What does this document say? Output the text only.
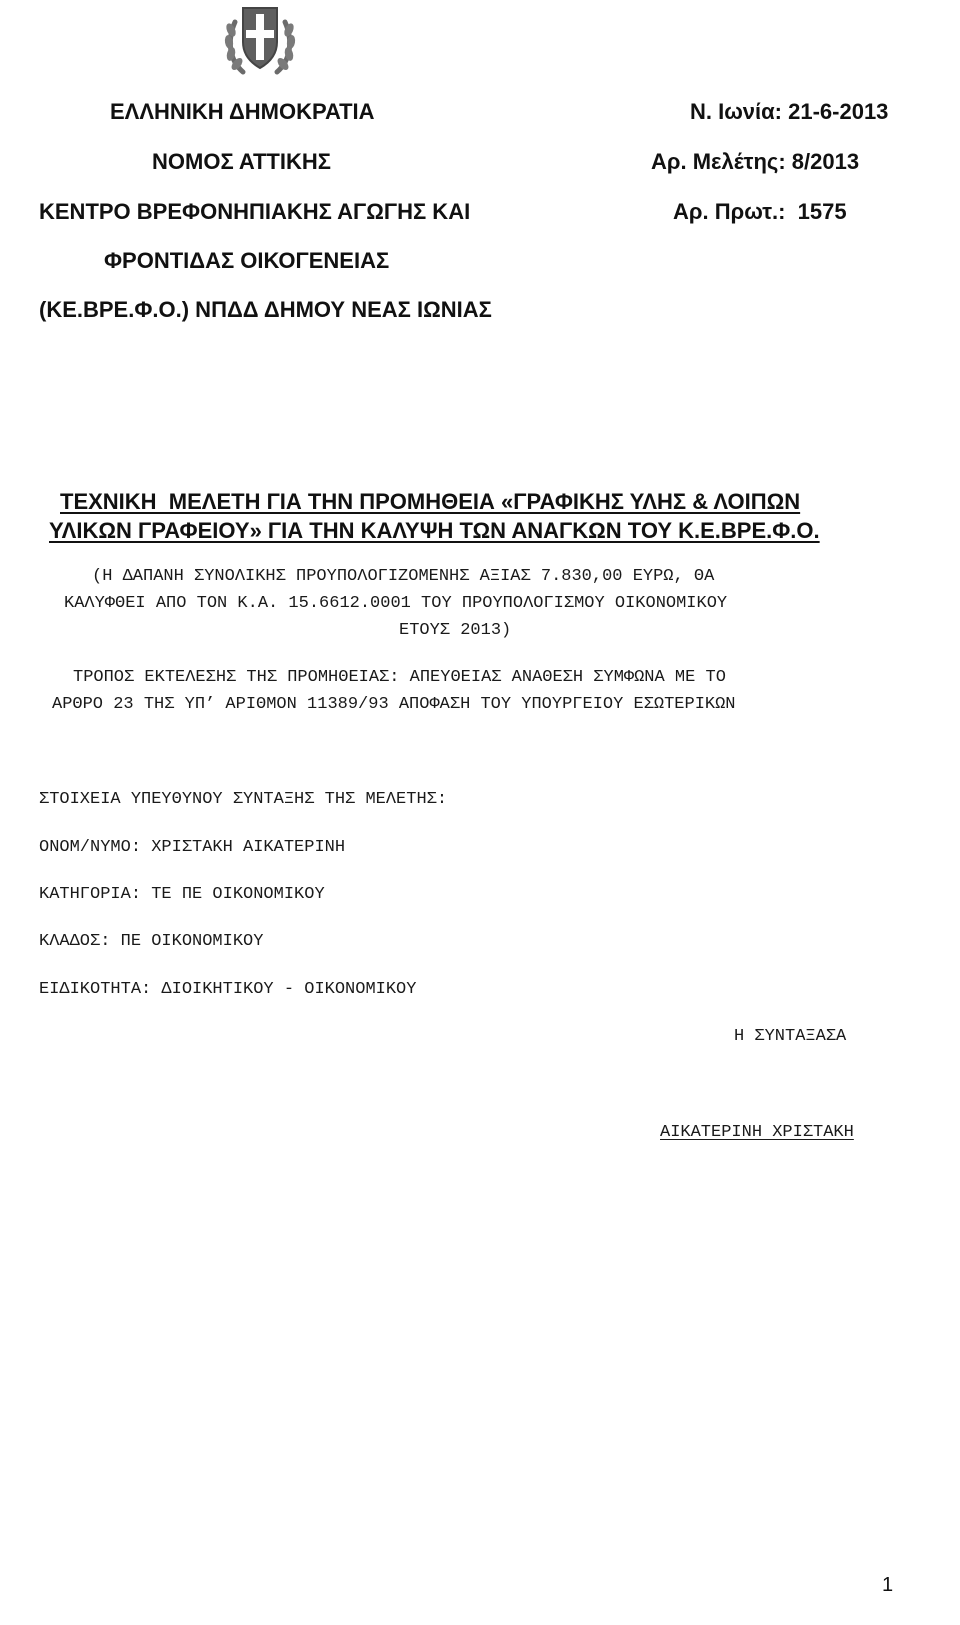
ΕΛΛΗΝΙΚΗ ΔΗΜΟΚΡΑΤΙΑ
ΝΟΜΟΣ ΑΤΤΙΚΗΣ
ΚΕΝΤΡΟ ΒΡΕΦΟΝΗΠΙΑΚΗΣ ΑΓΩΓΗΣ ΚΑΙ
ΦΡΟΝΤΙΔΑΣ ΟΙΚΟΓΕΝΕΙΑΣ
(ΚΕ.ΒΡΕ.Φ.Ο.) ΝΠΔΔ ΔΗΜΟΥ ΝΕΑΣ ΙΩΝΙΑΣ
Ν. Ιωνία: 21-6-2013
Αρ. Μελέτης: 8/2013
Αρ. Πρωτ.:  1575
ΤΕΧΝΙΚΗ  ΜΕΛΕΤΗ ΓΙΑ ΤΗΝ ΠΡΟΜΗΘΕΙΑ «ΓΡΑΦΙΚΗΣ ΥΛΗΣ & ΛΟΙΠΩΝ
ΥΛΙΚΩΝ ΓΡΑΦΕΙΟΥ» ΓΙΑ ΤΗΝ ΚΑΛΥΨΗ ΤΩΝ ΑΝΑΓΚΩΝ ΤΟΥ Κ.Ε.ΒΡΕ.Φ.Ο.
(Η ΔΑΠΑΝΗ ΣΥΝΟΛΙΚΗΣ ΠΡΟΥΠΟΛΟΓΙΖΟΜΕΝΗΣ ΑΞΙΑΣ 7.830,00 ΕΥΡΩ, ΘΑ
ΚΑΛΥΦΘΕΙ ΑΠΟ ΤΟΝ Κ.Α. 15.6612.0001 ΤΟΥ ΠΡΟΥΠΟΛΟΓΙΣΜΟΥ ΟΙΚΟΝΟΜΙΚΟΥ
ΕΤΟΥΣ 2013)
ΤΡΟΠΟΣ ΕΚΤΕΛΕΣΗΣ ΤΗΣ ΠΡΟΜΗΘΕΙΑΣ: ΑΠΕΥΘΕΙΑΣ ΑΝΑΘΕΣΗ ΣΥΜΦΩΝΑ ΜΕ ΤΟ
ΑΡΘΡΟ 23 ΤΗΣ ΥΠ’ ΑΡΙΘΜΟΝ 11389/93 ΑΠΟΦΑΣΗ ΤΟΥ ΥΠΟΥΡΓΕΙΟΥ ΕΣΩΤΕΡΙΚΩΝ
ΣΤΟΙΧΕΙΑ ΥΠΕΥΘΥΝΟΥ ΣΥΝΤΑΞΗΣ ΤΗΣ ΜΕΛΕΤΗΣ:
ΟΝΟΜ/ΝΥΜΟ: ΧΡΙΣΤΑΚΗ ΑΙΚΑΤΕΡΙΝΗ
ΚΑΤΗΓΟΡΙΑ: ΤΕ ΠΕ ΟΙΚΟΝΟΜΙΚΟΥ
ΚΛΑΔΟΣ: ΠΕ ΟΙΚΟΝΟΜΙΚΟΥ
ΕΙΔΙΚΟΤΗΤΑ: ΔΙΟΙΚΗΤΙΚΟΥ - ΟΙΚΟΝΟΜΙΚΟΥ
Η ΣΥΝΤΑΞΑΣΑ
ΑΙΚΑΤΕΡΙΝΗ ΧΡΙΣΤΑΚΗ
1
